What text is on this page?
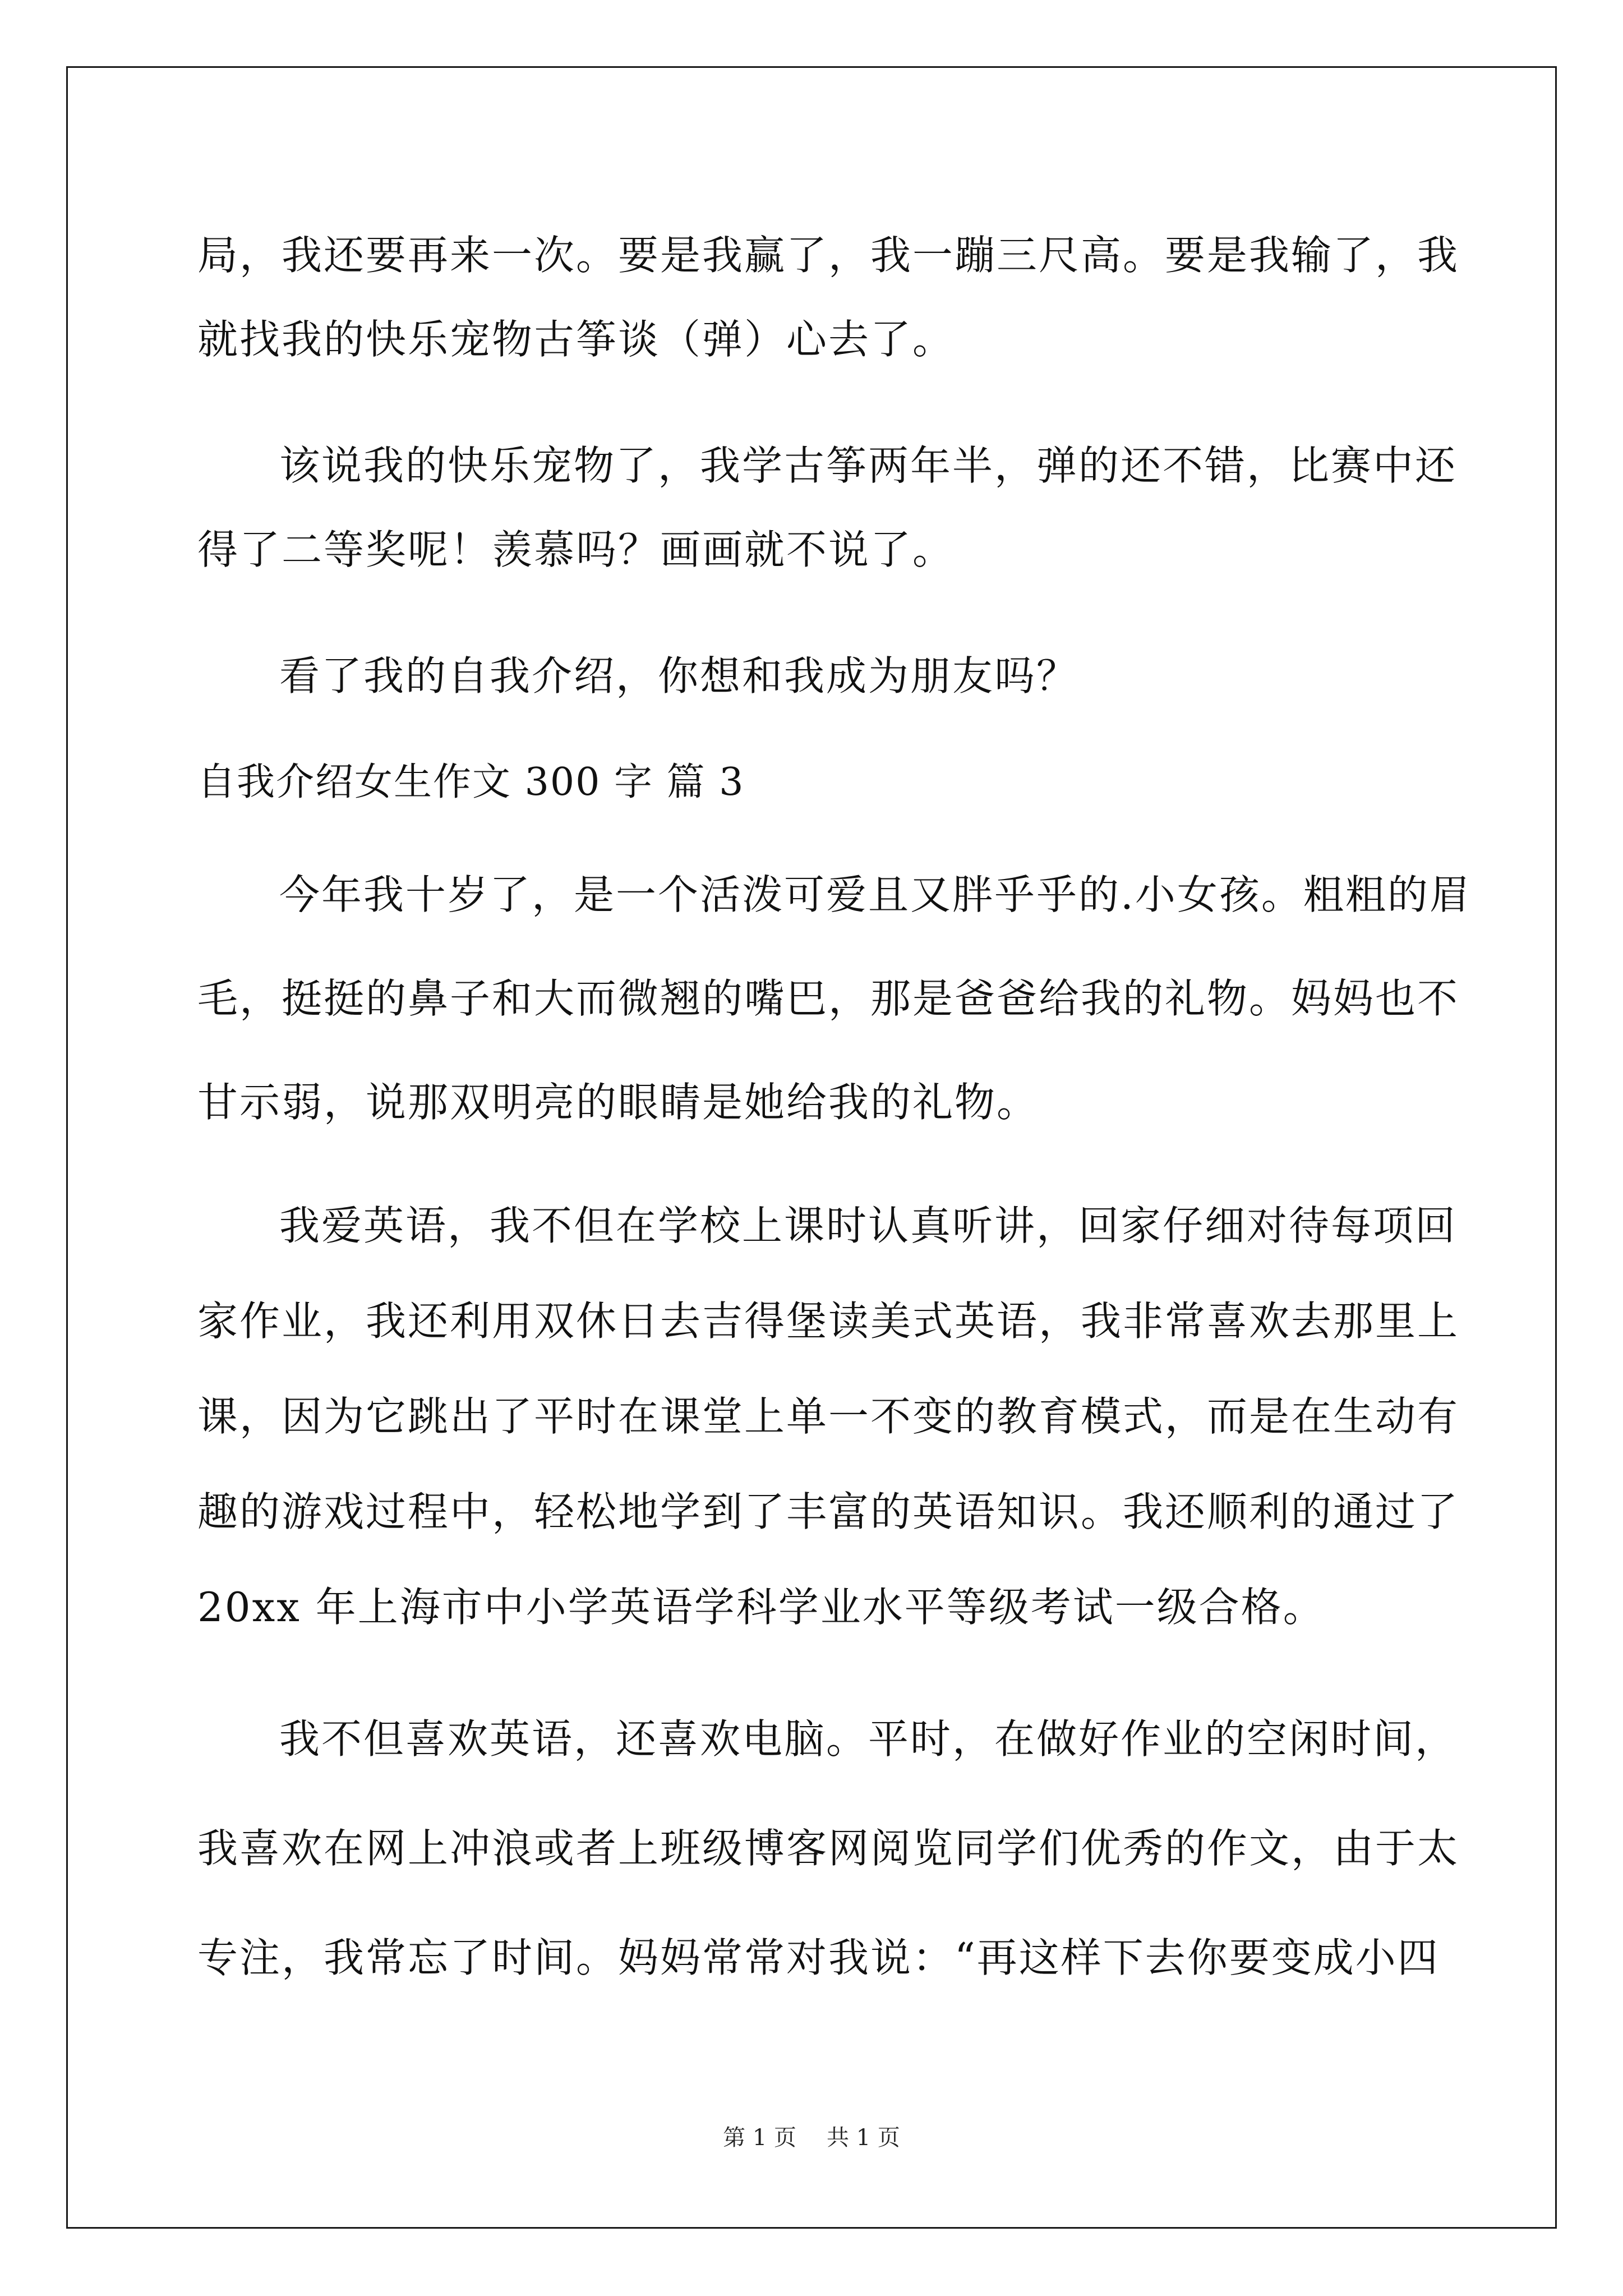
局，我还要再来一次。要是我赢了，我一蹦三尺高。要是我输了，我
就找我的快乐宠物古筝谈（弹）心去了。
该说我的快乐宠物了，我学古筝两年半，弹的还不错，比赛中还
得了二等奖呢！羡慕吗？画画就不说了。
看了我的自我介绍，你想和我成为朋友吗？
自我介绍女生作文 300 字 篇 3
今年我十岁了，是一个活泼可爱且又胖乎乎的.小女孩。粗粗的眉
毛，挺挺的鼻子和大而微翘的嘴巴，那是爸爸给我的礼物。妈妈也不
甘示弱，说那双明亮的眼睛是她给我的礼物。
我爱英语，我不但在学校上课时认真听讲，回家仔细对待每项回
家作业，我还利用双休日去吉得堡读美式英语，我非常喜欢去那里上
课，因为它跳出了平时在课堂上单一不变的教育模式，而是在生动有
趣的游戏过程中，轻松地学到了丰富的英语知识。我还顺利的通过了
20xx 年上海市中小学英语学科学业水平等级考试一级合格。
我不但喜欢英语，还喜欢电脑。平时，在做好作业的空闲时间，
我喜欢在网上冲浪或者上班级博客网阅览同学们优秀的作文，由于太
专注，我常忘了时间。妈妈常常对我说：“再这样下去你要变成小四
第 1 页 共 1 页
